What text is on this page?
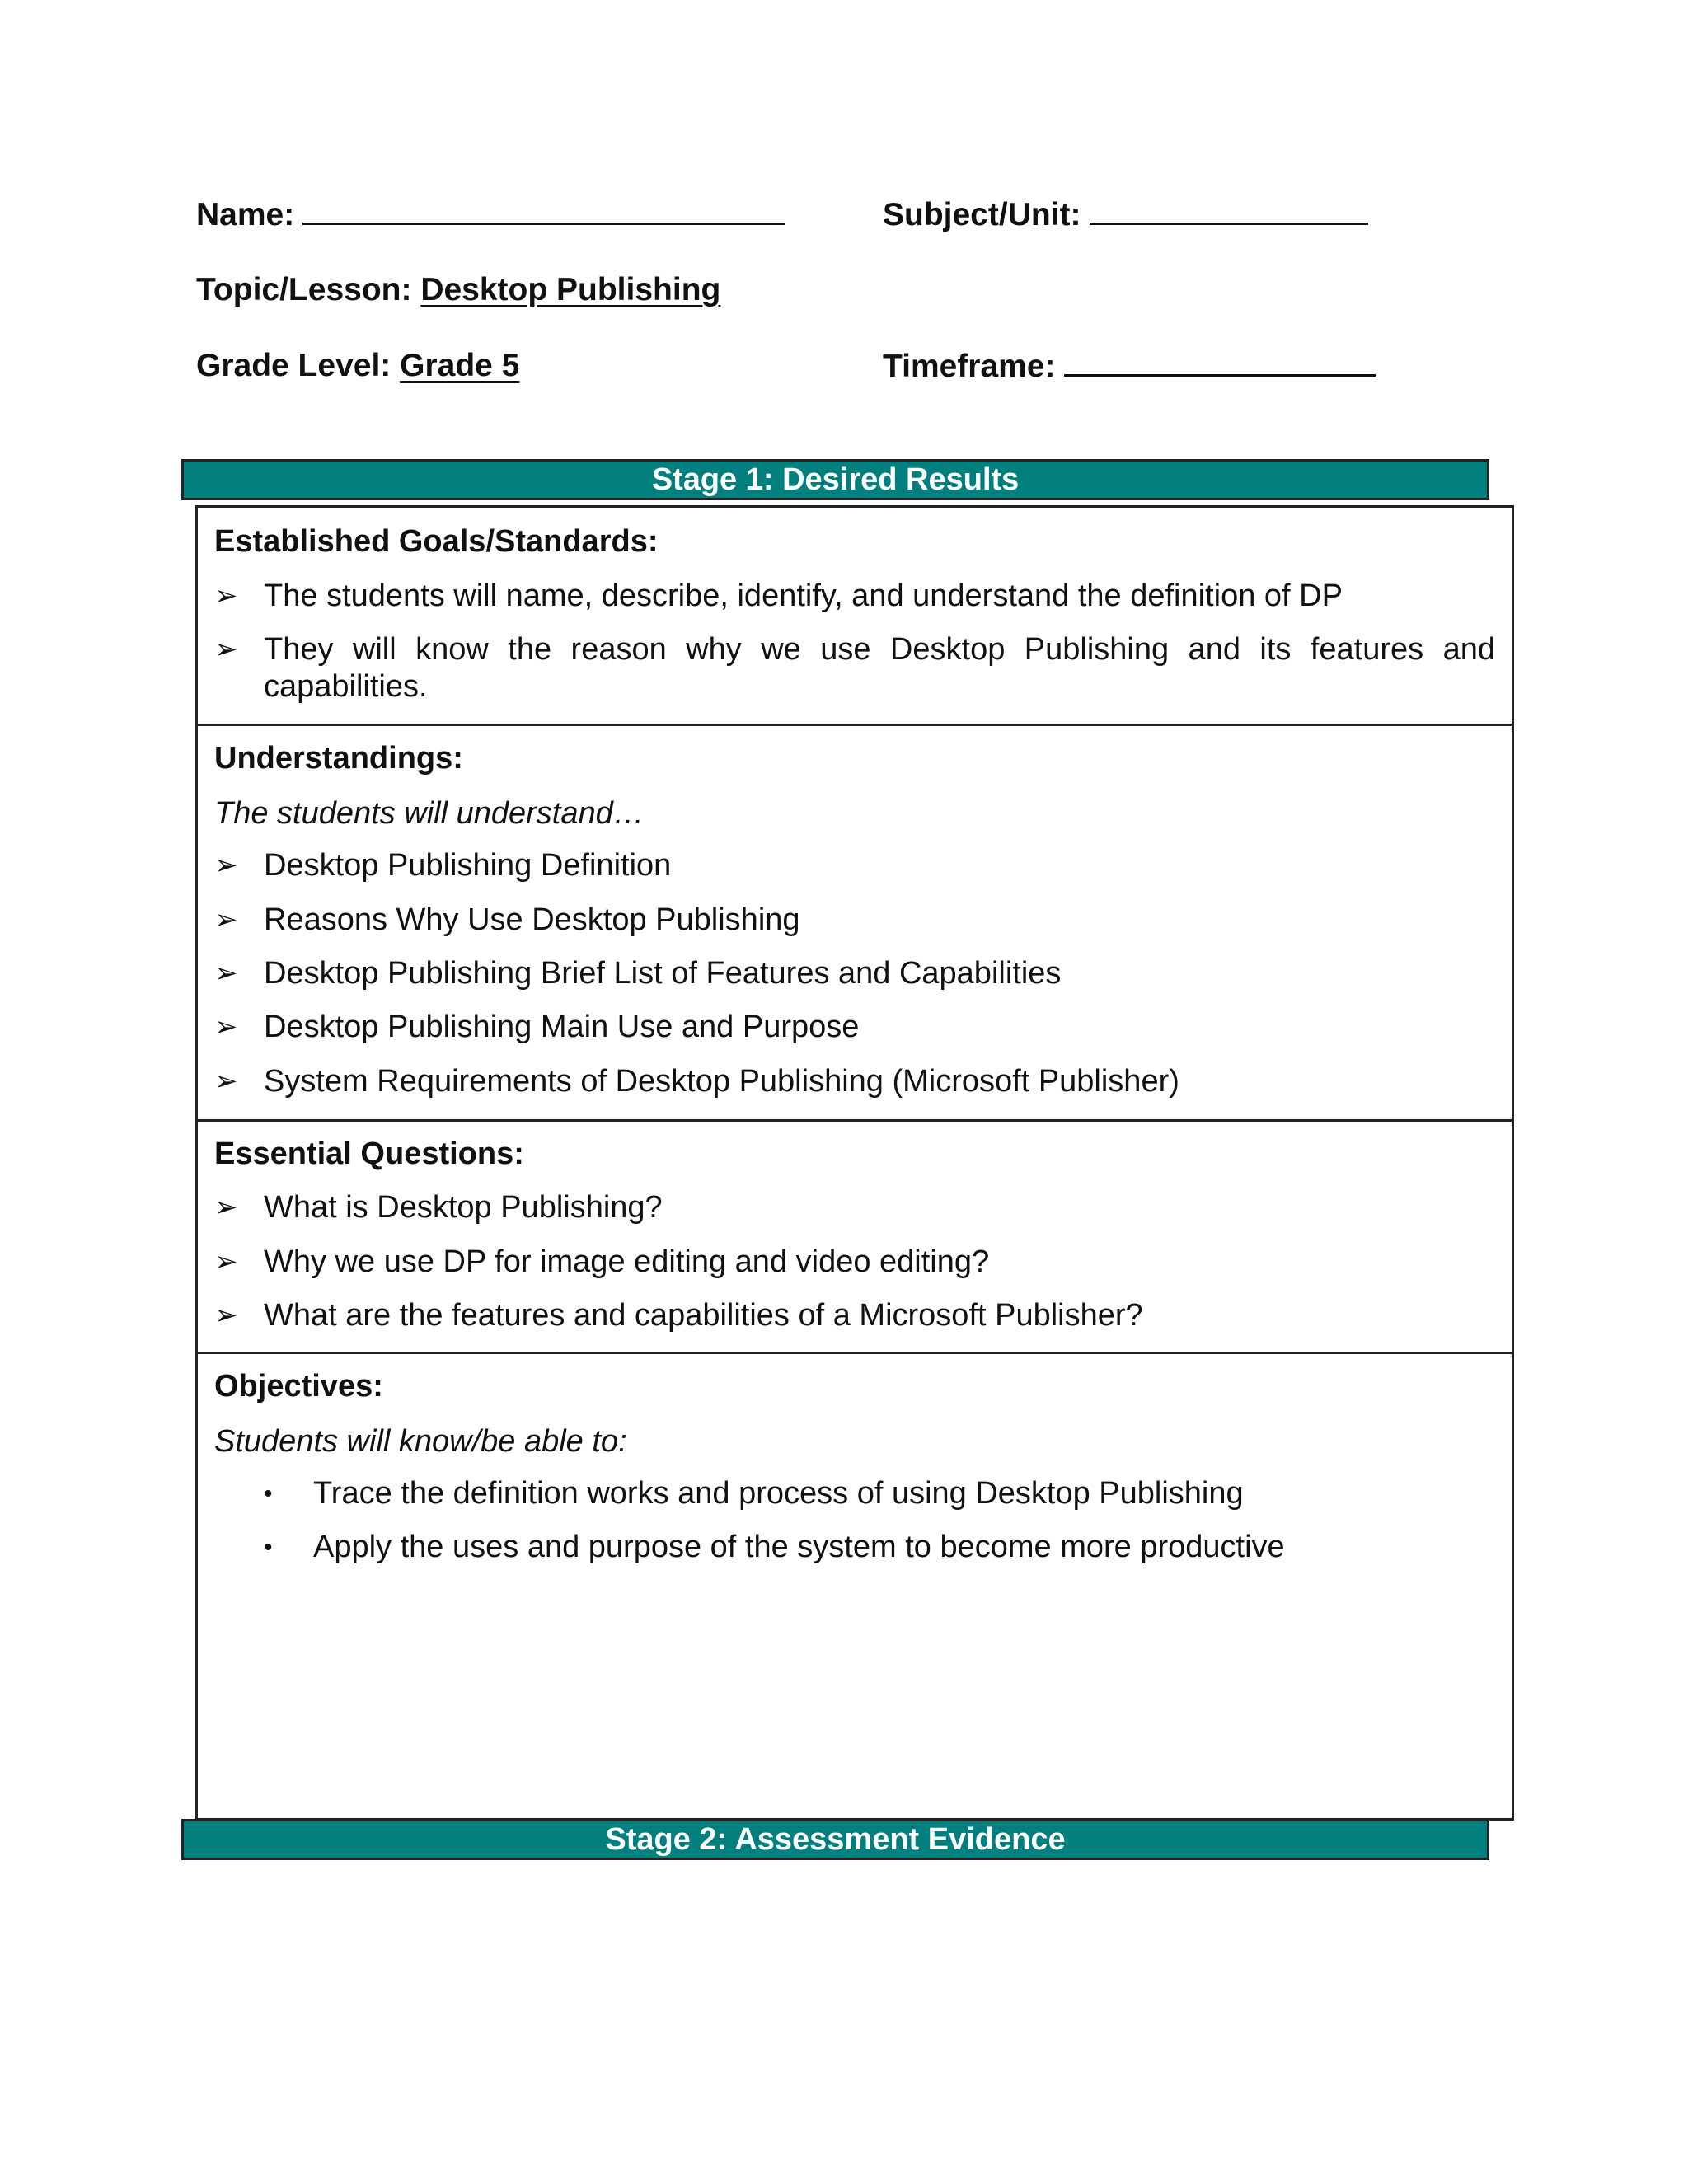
Name:	Subject/Unit:
Topic/Lesson: Desktop Publishing
Grade Level: Grade 5	Timeframe:
Stage 1: Desired Results
Established Goals/Standards:
➢ The students will name, describe, identify, and understand the definition of DP
➢ They will know the reason why we use Desktop Publishing and its features and capabilities.
Understandings:
The students will understand…
➢ Desktop Publishing Definition
➢ Reasons Why Use Desktop Publishing
➢ Desktop Publishing Brief List of Features and Capabilities
➢ Desktop Publishing Main Use and Purpose
➢ System Requirements of Desktop Publishing (Microsoft Publisher)
Essential Questions:
➢ What is Desktop Publishing?
➢ Why we use DP for image editing and video editing?
➢ What are the features and capabilities of a Microsoft Publisher?
Objectives:
Students will know/be able to:
•	Trace the definition works and process of using Desktop Publishing
•	Apply the uses and purpose of the system to become more productive
Stage 2: Assessment Evidence
